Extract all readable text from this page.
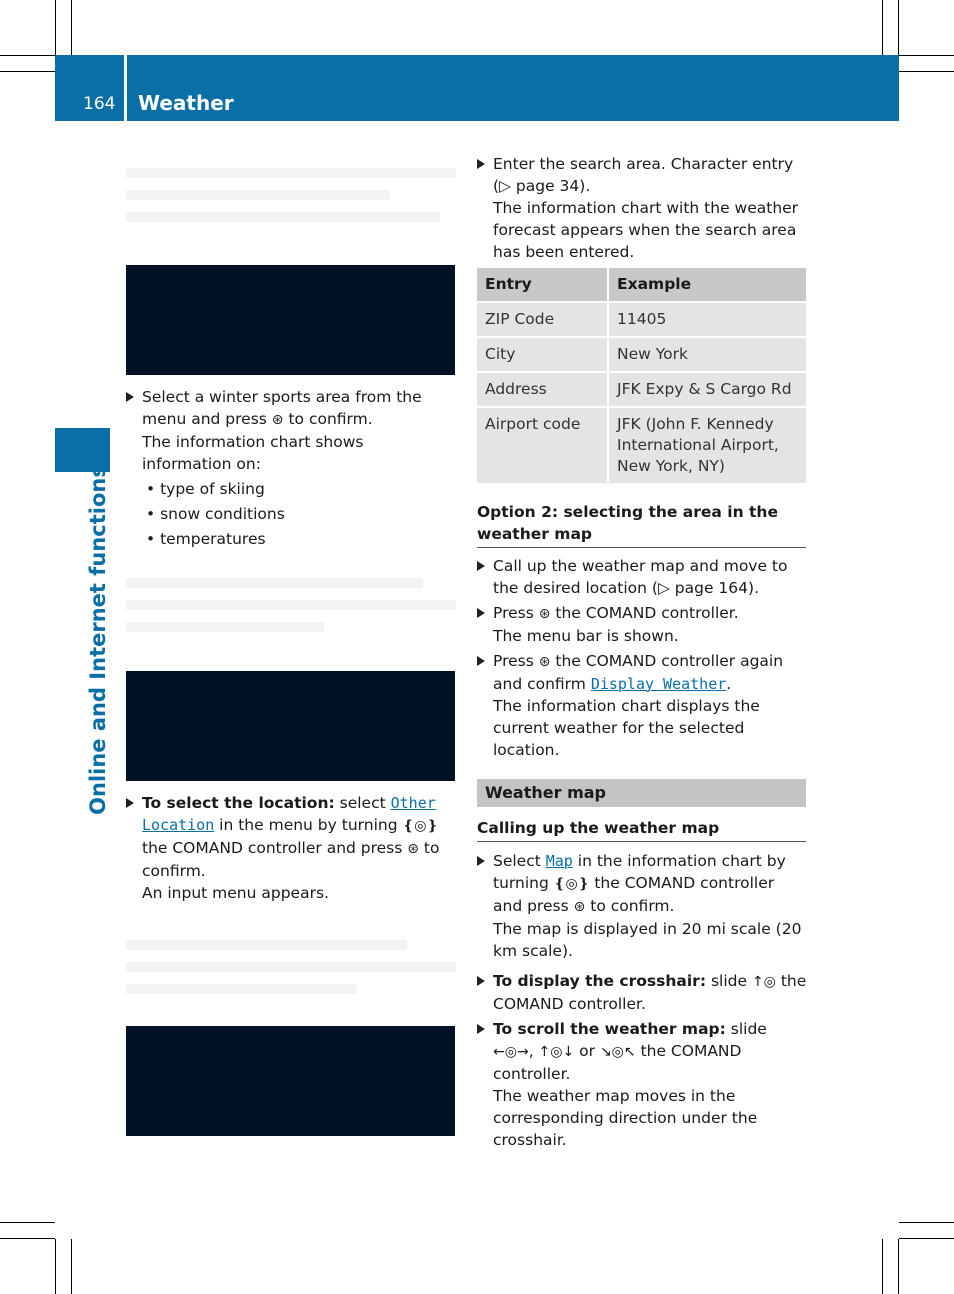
164 Weather
Online and Internet functions

Select a winter sports area from the menu and press ⊛ to confirm.

The information chart shows information on:

• type of skiing
• snow conditions
• temperatures

To select the location: select Other Location in the menu by turning ❴◎❵ the COMAND controller and press ⊛ to confirm.

An input menu appears.

Enter the search area. Character entry (▷ page 34).

The information chart with the weather forecast appears when the search area has been entered.

Entry	Example
ZIP Code	11405
City	New York
Address	JFK Expy & S Cargo Rd
Airport code	JFK (John F. Kennedy International Airport, New York, NY)
Option 2: selecting the area in the weather map

Call up the weather map and move to the desired location (▷ page 164).

Press ⊛ the COMAND controller.

The menu bar is shown.

Press ⊛ the COMAND controller again and confirm Display Weather.

The information chart displays the current weather for the selected location.

Weather map
Calling up the weather map

Select Map in the information chart by turning ❴◎❵ the COMAND controller and press ⊛ to confirm.

The map is displayed in 20 mi scale (20 km scale).

To display the crosshair: slide ↑◎ the COMAND controller.

To scroll the weather map: slide ←◎→, ↑◎↓ or ↘◎↖ the COMAND controller.

The weather map moves in the corresponding direction under the crosshair.
